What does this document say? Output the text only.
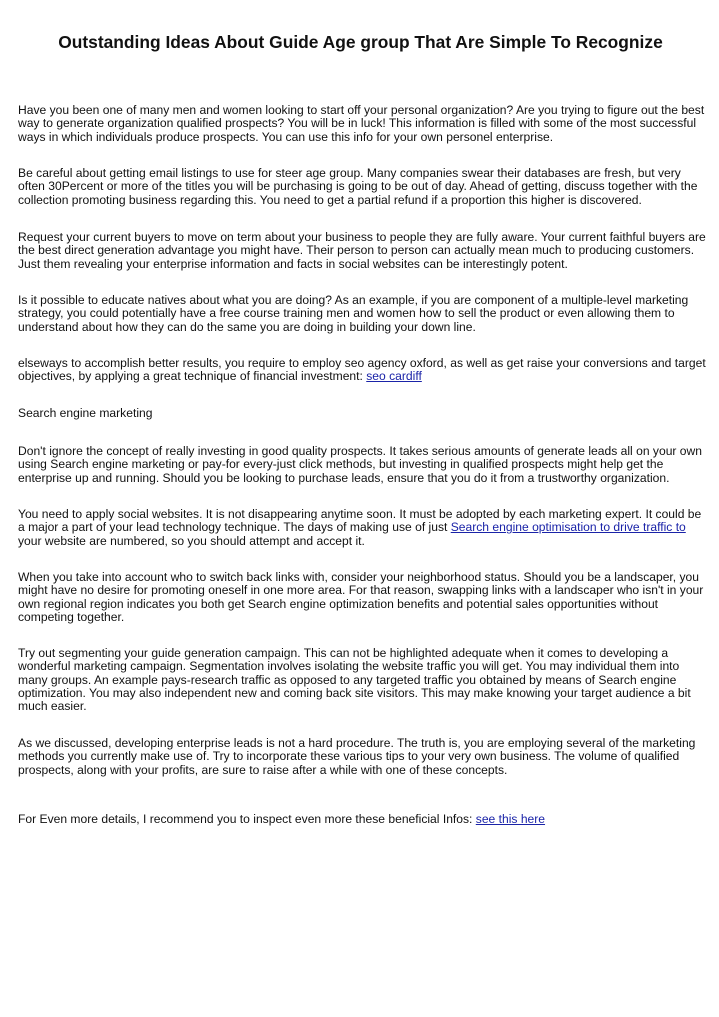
Outstanding Ideas About Guide Age group That Are Simple To Recognize

Have you been one of many men and women looking to start off your personal organization? Are you trying to figure out the best way to generate organization qualified prospects? You will be in luck! This information is filled with some of the most successful ways in which individuals produce prospects. You can use this info for your own personel enterprise.

Be careful about getting email listings to use for steer age group. Many companies swear their databases are fresh, but very often 30Percent or more of the titles you will be purchasing is going to be out of day. Ahead of getting, discuss together with the collection promoting business regarding this. You need to get a partial refund if a proportion this higher is discovered.

Request your current buyers to move on term about your business to people they are fully aware. Your current faithful buyers are the best direct generation advantage you might have. Their person to person can actually mean much to producing customers. Just them revealing your enterprise information and facts in social websites can be interestingly potent.

Is it possible to educate natives about what you are doing? As an example, if you are component of a multiple-level marketing strategy, you could potentially have a free course training men and women how to sell the product or even allowing them to understand about how they can do the same you are doing in building your down line.

elseways to accomplish better results, you require to employ seo agency oxford, as well as get raise your conversions and target objectives, by applying a great technique of financial investment: seo cardiff

Search engine marketing

Don't ignore the concept of really investing in good quality prospects. It takes serious amounts of generate leads all on your own using Search engine marketing or pay-for every-just click methods, but investing in qualified prospects might help get the enterprise up and running. Should you be looking to purchase leads, ensure that you do it from a trustworthy organization.

You need to apply social websites. It is not disappearing anytime soon. It must be adopted by each marketing expert. It could be a major a part of your lead technology technique. The days of making use of just Search engine optimisation to drive traffic to your website are numbered, so you should attempt and accept it.

When you take into account who to switch back links with, consider your neighborhood status. Should you be a landscaper, you might have no desire for promoting oneself in one more area. For that reason, swapping links with a landscaper who isn't in your own regional region indicates you both get Search engine optimization benefits and potential sales opportunities without competing together.

Try out segmenting your guide generation campaign. This can not be highlighted adequate when it comes to developing a wonderful marketing campaign. Segmentation involves isolating the website traffic you will get. You may individual them into many groups. An example pays-research traffic as opposed to any targeted traffic you obtained by means of Search engine optimization. You may also independent new and coming back site visitors. This may make knowing your target audience a bit much easier.

As we discussed, developing enterprise leads is not a hard procedure. The truth is, you are employing several of the marketing methods you currently make use of. Try to incorporate these various tips to your very own business. The volume of qualified prospects, along with your profits, are sure to raise after a while with one of these concepts.

For Even more details, I recommend you to inspect even more these beneficial Infos: see this here
